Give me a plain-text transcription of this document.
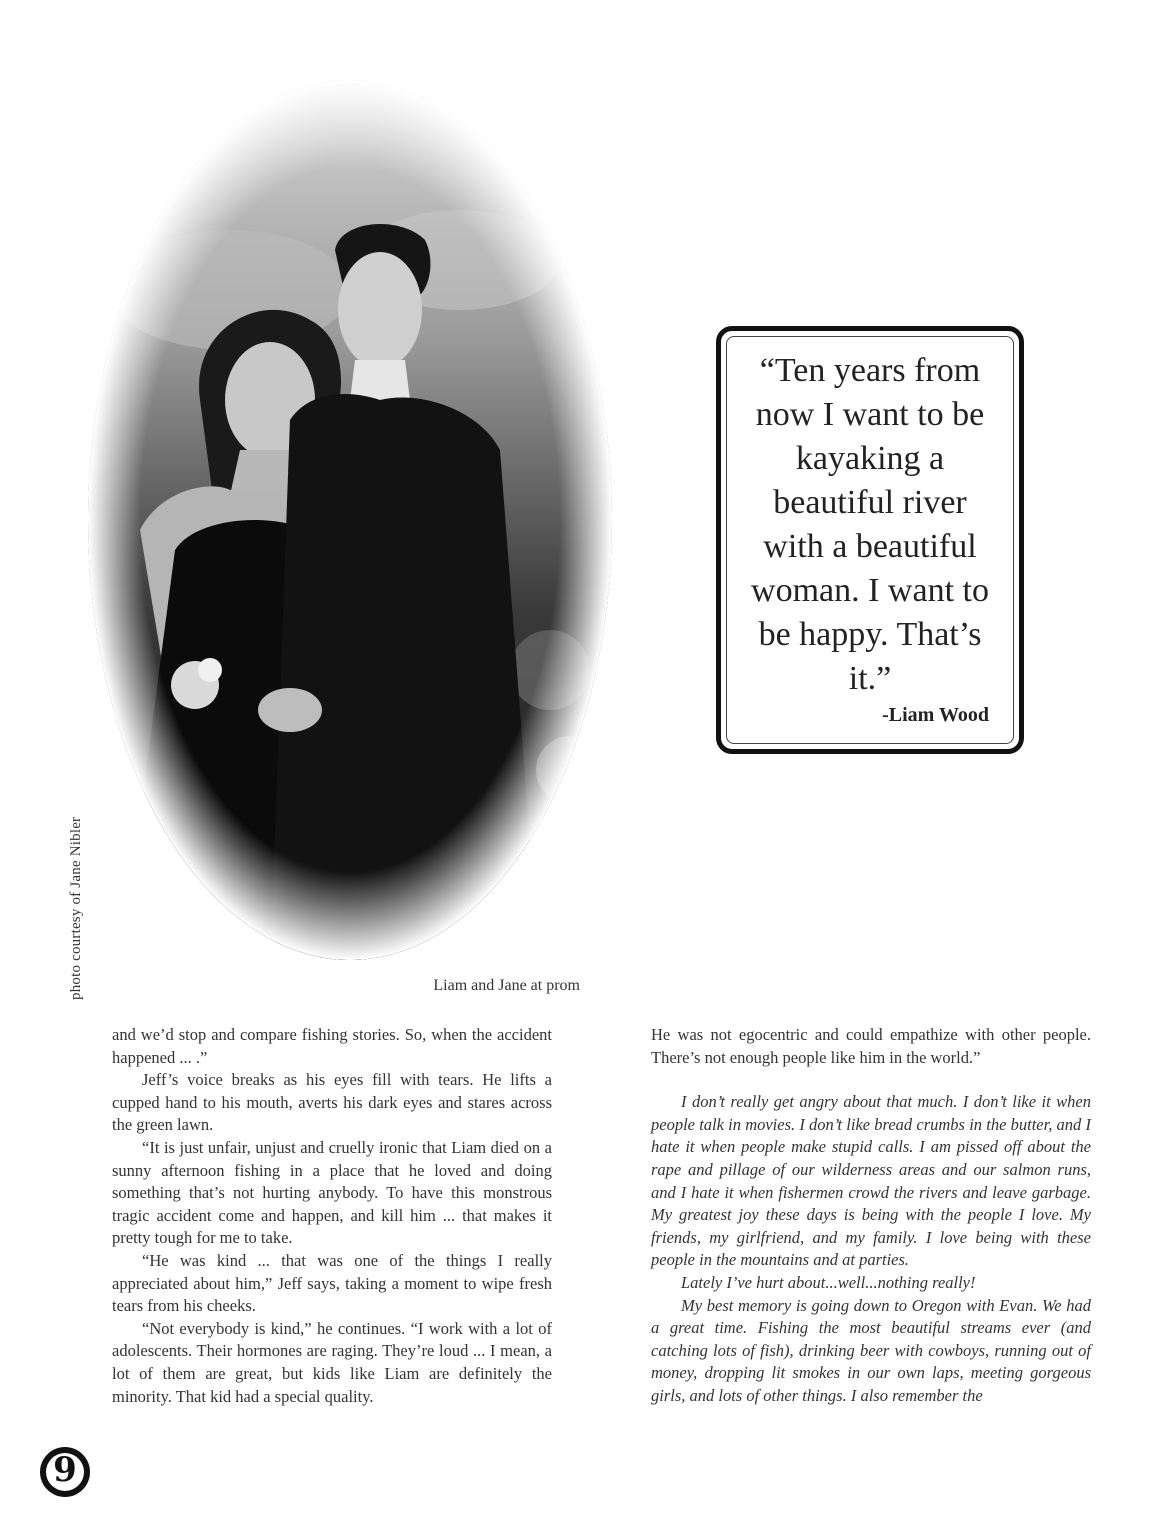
photo courtesy of Jane Nibler	Liam and Jane at prom
“Ten years from now I want to be kayaking a beautiful river with a beautiful woman. I want to be happy. That’s it.”
-Liam Wood

and we’d stop and compare fishing stories. So, when the accident happened ... .”

Jeff’s voice breaks as his eyes fill with tears. He lifts a cupped hand to his mouth, averts his dark eyes and stares across the green lawn.

“It is just unfair, unjust and cruelly ironic that Liam died on a sunny afternoon fishing in a place that he loved and doing something that’s not hurting anybody. To have this monstrous tragic accident come and happen, and kill him ... that makes it pretty tough for me to take.

“He was kind ... that was one of the things I really appreciated about him,” Jeff says, taking a moment to wipe fresh tears from his cheeks.

“Not everybody is kind,” he continues. “I work with a lot of adolescents. Their hormones are raging. They’re loud ... I mean, a lot of them are great, but kids like Liam are definitely the minority. That kid had a special quality.

He was not egocentric and could empathize with other people. There’s not enough people like him in the world.”

I don’t really get angry about that much. I don’t like it when people talk in movies. I don’t like bread crumbs in the butter, and I hate it when people make stupid calls. I am pissed off about the rape and pillage of our wilderness areas and our salmon runs, and I hate it when fishermen crowd the rivers and leave garbage. My greatest joy these days is being with the people I love. My friends, my girlfriend, and my family. I love being with these people in the mountains and at parties.

Lately I’ve hurt about...well...nothing really!

My best memory is going down to Oregon with Evan. We had a great time. Fishing the most beautiful streams ever (and catching lots of fish), drinking beer with cowboys, running out of money, dropping lit smokes in our own laps, meeting gorgeous girls, and lots of other things. I also remember the

9
